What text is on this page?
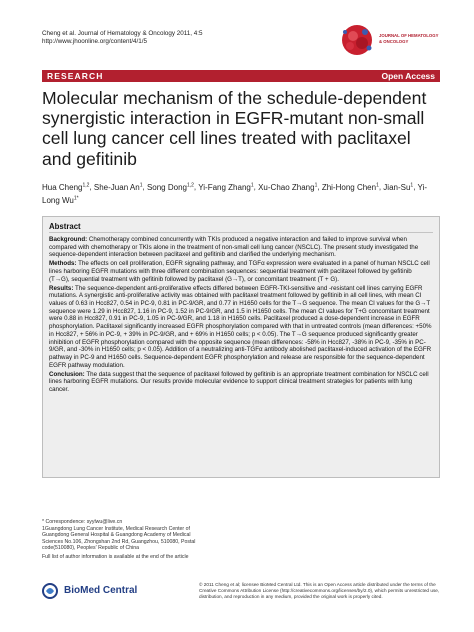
Cheng et al. Journal of Hematology & Oncology 2011, 4:5
http://www.jhoonline.org/content/4/1/5
JOURNAL OF HEMATOLOGY
& ONCOLOGY
RESEARCH	Open Access
Molecular mechanism of the schedule-dependent synergistic interaction in EGFR-mutant non-small cell lung cancer cell lines treated with paclitaxel and gefitinib
Hua Cheng$^{1,2}$, She-Juan An$^1$, Song Dong$^{1,2}$, Yi-Fang Zhang$^1$, Xu-Chao Zhang$^1$, Zhi-Hong Chen$^1$, Jian-Su$^1$, Yi-Long $Wu^{1*}$
Abstract

Background: Chemotherapy combined concurrently with TKIs produced a negative interaction and failed to improve survival when compared with chemotherapy or TKIs alone in the treatment of non-small cell lung cancer (NSCLC). The present study investigated the sequence-dependent interaction between paclitaxel and gefitinib and clarified the underlying mechanism.

Methods: The effects on cell proliferation, EGFR signaling pathway, and TGFα expression were evaluated in a panel of human NSCLC cell lines harboring EGFR mutations with three different combination sequences: sequential treatment with paclitaxel followed by gefitinib (T→G), sequential treatment with gefitinib followed by paclitaxel (G→T), or concomitant treatment (T + G).

Results: The sequence-dependent anti-proliferative effects differed between EGFR-TKI-sensitive and -resistant cell lines carrying EGFR mutations. A synergistic anti-proliferative activity was obtained with paclitaxel treatment followed by gefitinib in all cell lines, with mean CI values of 0.63 in Hcc827, 0.54 in PC-9, 0.81 in PC-9/GR, and 0.77 in H1650 cells for the T→G sequence. The mean CI values for the G→T sequence were 1.29 in Hcc827, 1.16 in PC-9, 1.52 in PC-9/GR, and 1.5 in H1650 cells. The mean CI values for T+G concomitant treatment were 0.88 in Hcc827, 0.91 in PC-9, 1.05 in PC-9/GR, and 1.18 in H1650 cells. Paclitaxel produced a dose-dependent increase in EGFR phosphorylation. Paclitaxel significantly increased EGFR phosphorylation compared with that in untreated controls (mean differences: +50% in Hcc827, + 56% in PC-9, + 39% in PC-9/GR, and + 69% in H1650 cells; p < 0.05). The T→G sequence produced significantly greater inhibition of EGFR phosphorylation compared with the opposite sequence (mean differences: -58% in Hcc827, -38% in PC-9, -35% in PC-9/GR, and -30% in H1650 cells; p < 0.05). Addition of a neutralizing anti-TGFα antibody abolished paclitaxel-induced activation of the EGFR pathway in PC-9 and H1650 cells. Sequence-dependent EGFR phosphorylation and release are responsible for the sequence-dependent EGFR pathway modulation.

Conclusion: The data suggest that the sequence of paclitaxel followed by gefitinib is an appropriate treatment combination for NSCLC cell lines harboring EGFR mutations. Our results provide molecular evidence to support clinical treatment strategies for patients with lung cancer.

* Correspondence: syylwu@live.cn

1Guangdong Lung Cancer Institute, Medical Research Center of Guangdong General Hospital & Guangdong Academy of Medical Sciences No.106, Zhongshan 2nd Rd, Guangzhou, 510080, Postal code(510080), Peoples' Republic of China

Full list of author information is available at the end of the article

BioMed Central
© 2011 Cheng et al; licensee BioMed Central Ltd. This is an Open Access article distributed under the terms of the Creative Commons Attribution License (http://creativecommons.org/licenses/by/2.0), which permits unrestricted use, distribution, and reproduction in any medium, provided the original work is properly cited.
